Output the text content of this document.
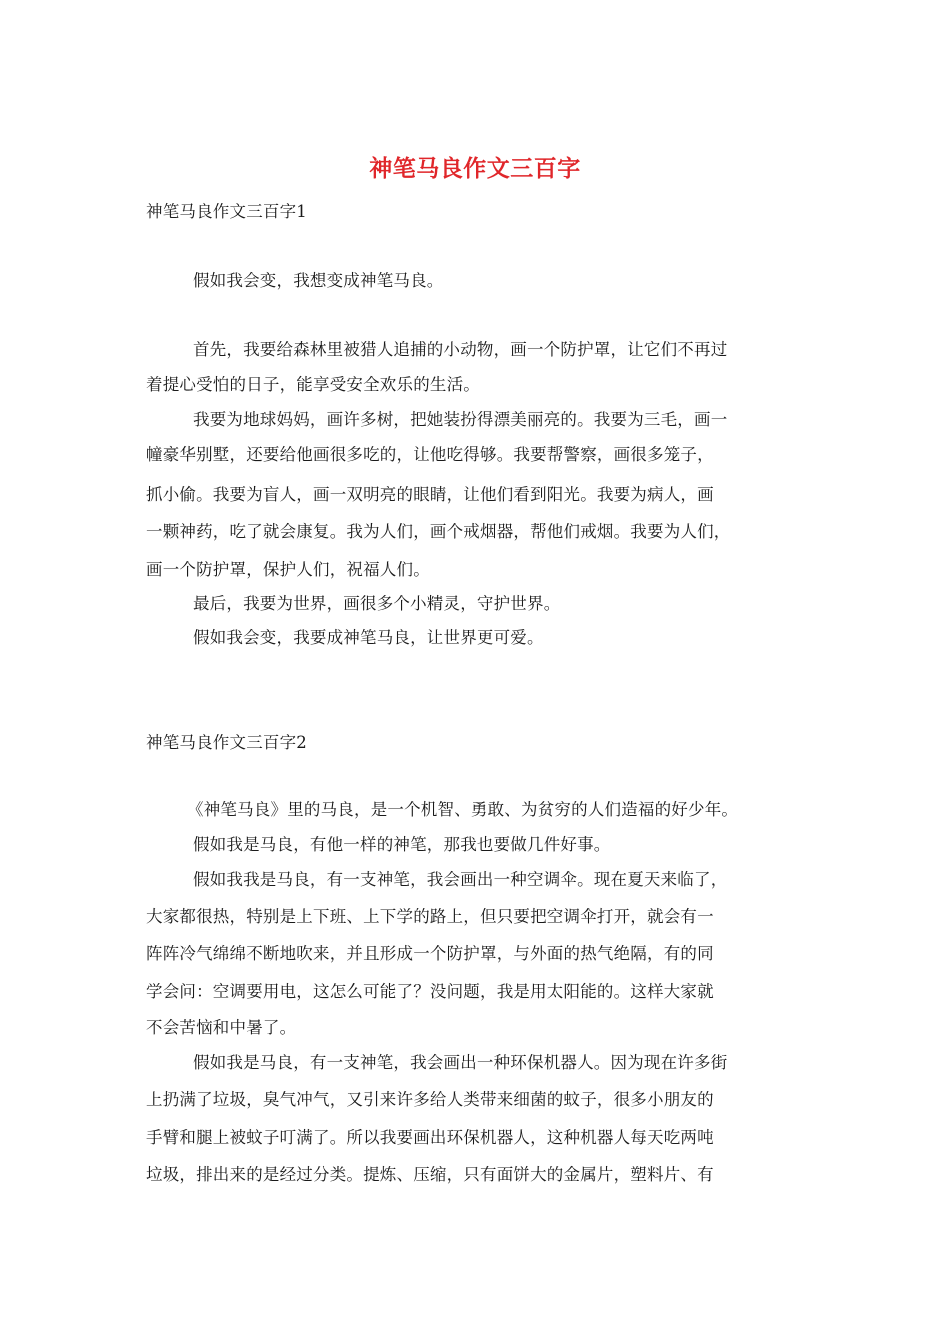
神笔马良作文三百字
神笔马良作文三百字1
假如我会变，我想变成神笔马良。
首先，我要给森林里被猎人追捕的小动物，画一个防护罩，让它们不再过
着提心受怕的日子，能享受安全欢乐的生活。
我要为地球妈妈，画许多树，把她装扮得漂美丽亮的。我要为三毛，画一
幢豪华别墅，还要给他画很多吃的，让他吃得够。我要帮警察，画很多笼子，
抓小偷。我要为盲人，画一双明亮的眼睛，让他们看到阳光。我要为病人，画
一颗神药，吃了就会康复。我为人们，画个戒烟器，帮他们戒烟。我要为人们，
画一个防护罩，保护人们，祝福人们。
最后，我要为世界，画很多个小精灵，守护世界。
假如我会变，我要成神笔马良，让世界更可爱。
神笔马良作文三百字2
《神笔马良》里的马良，是一个机智、勇敢、为贫穷的人们造福的好少年。
假如我是马良，有他一样的神笔，那我也要做几件好事。
假如我我是马良，有一支神笔，我会画出一种空调伞。现在夏天来临了，
大家都很热，特别是上下班、上下学的路上，但只要把空调伞打开，就会有一
阵阵冷气绵绵不断地吹来，并且形成一个防护罩，与外面的热气绝隔，有的同
学会问：空调要用电，这怎么可能了？没问题，我是用太阳能的。这样大家就
不会苦恼和中暑了。
假如我是马良，有一支神笔，我会画出一种环保机器人。因为现在许多街
上扔满了垃圾，臭气冲气，又引来许多给人类带来细菌的蚊子，很多小朋友的
手臂和腿上被蚊子叮满了。所以我要画出环保机器人，这种机器人每天吃两吨
垃圾，排出来的是经过分类。提炼、压缩，只有面饼大的金属片，塑料片、有
